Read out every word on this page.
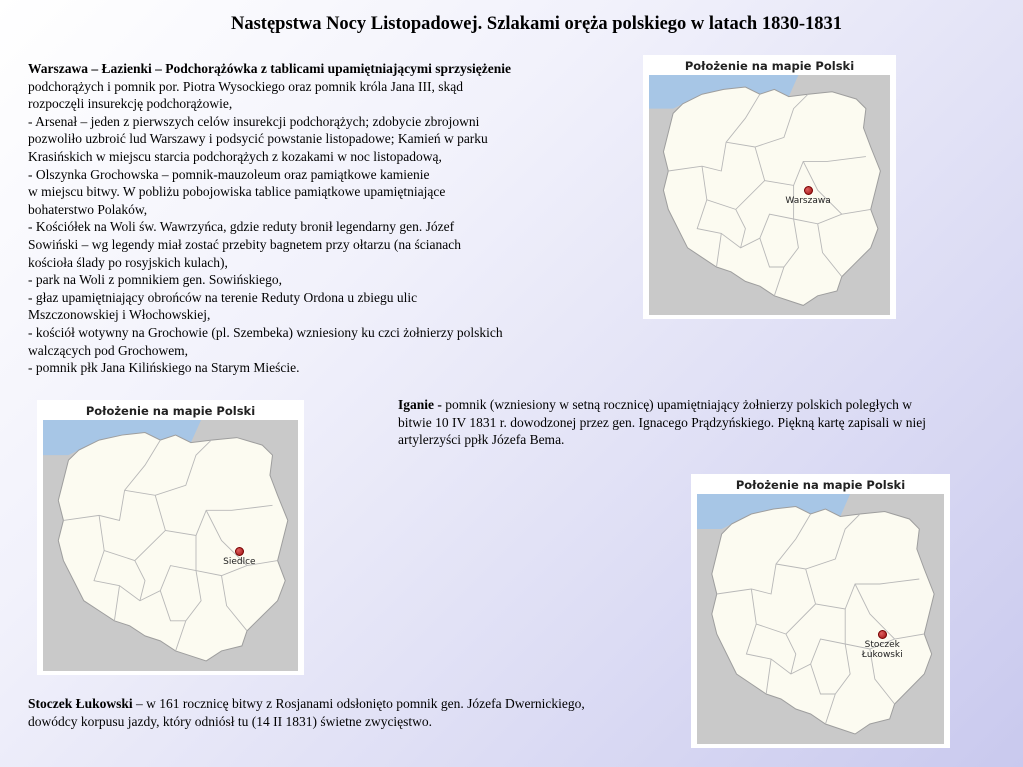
Następstwa Nocy Listopadowej. Szlakami oręża polskiego w latach 1830-1831
Warszawa – Łazienki – Podchorążówka z tablicami upamiętniającymi sprzysiężenie
podchorążych i pomnik por. Piotra Wysockiego oraz pomnik króla Jana III, skąd
rozpoczęli insurekcję podchorążowie,
- Arsenał – jeden z pierwszych celów insurekcji podchorążych; zdobycie zbrojowni
pozwoliło uzbroić lud Warszawy i podsycić powstanie listopadowe; Kamień w parku
Krasińskich w miejscu starcia podchorążych z kozakami w noc listopadową,
- Olszynka Grochowska – pomnik-mauzoleum oraz pamiątkowe kamienie
w miejscu bitwy. W pobliżu pobojowiska tablice pamiątkowe upamiętniające
bohaterstwo Polaków,
- Kościółek na Woli św. Wawrzyńca, gdzie reduty bronił legendarny gen. Józef
Sowiński – wg legendy miał zostać przebity bagnetem przy ołtarzu (na ścianach
kościoła ślady po rosyjskich kulach),
- park na Woli z pomnikiem gen. Sowińskiego,
- głaz upamiętniający obrońców na terenie Reduty Ordona u zbiegu ulic
Mszczonowskiej i Włochowskiej,
- kościół wotywny na Grochowie (pl. Szembeka) wzniesiony ku czci żołnierzy polskich
walczących pod Grochowem,
- pomnik płk Jana Kilińskiego na Starym Mieście.
Iganie - pomnik (wzniesiony w setną rocznicę) upamiętniający żołnierzy polskich poległych w bitwie 10 IV 1831 r. dowodzonej przez gen. Ignacego Prądzyńskiego. Piękną kartę zapisali w niej artylerzyści ppłk Józefa Bema.
Stoczek Łukowski – w 161 rocznicę bitwy z Rosjanami odsłonięto pomnik gen. Józefa Dwernickiego, dowódcy korpusu jazdy, który odniósł tu (14 II 1831) świetne zwycięstwo.
Położenie na mapie Polski
Warszawa
Położenie na mapie Polski
Siedlce
Położenie na mapie Polski
Stoczek
Łukowski
